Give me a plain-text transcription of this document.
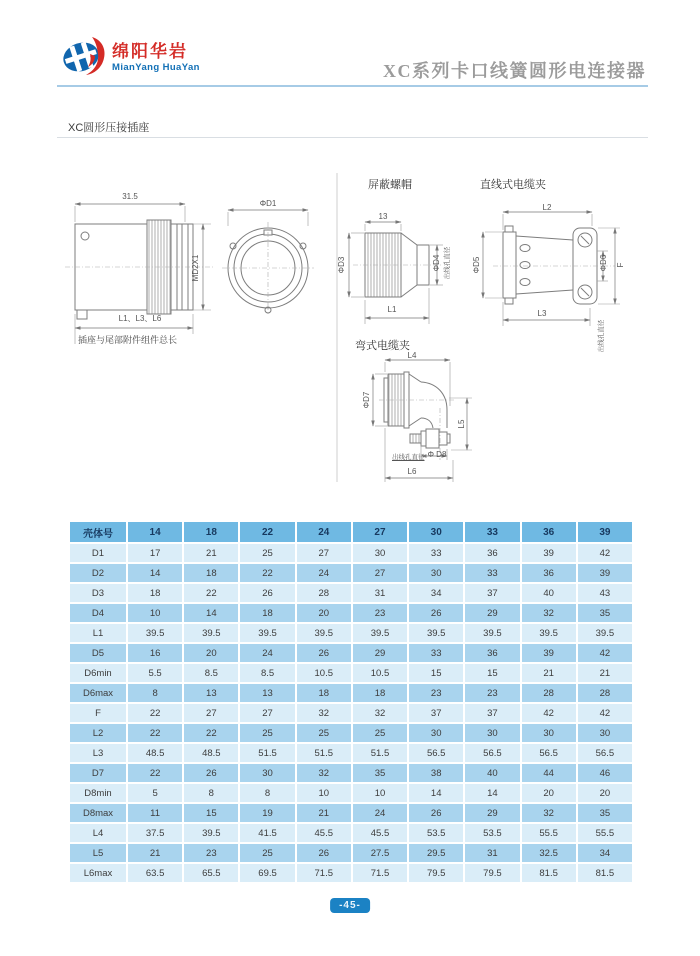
绵阳华岩
MianYang HuaYan	XC系列卡口线簧圆形电连接器
XC圆形压接插座
31.5
MD2X1
L1、L3、L6
插座与尾部附件组件总长
ΦD1
屏蔽螺帽
13
ΦD3	ΦD4 出线孔直径
L1
直线式电缆夹
L2
ΦD5	ΦD6 F
L3
出线孔直径
弯式电缆夹
L4
ΦD7
L5
出线孔直径 Φ D8
L6
壳体号	14	18	22	24	27	30	33	36	39
D1	17	21	25	27	30	33	36	39	42
D2	14	18	22	24	27	30	33	36	39
D3	18	22	26	28	31	34	37	40	43
D4	10	14	18	20	23	26	29	32	35
L1	39.5	39.5	39.5	39.5	39.5	39.5	39.5	39.5	39.5
D5	16	20	24	26	29	33	36	39	42
D6min	5.5	8.5	8.5	10.5	10.5	15	15	21	21
D6max	8	13	13	18	18	23	23	28	28
F	22	27	27	32	32	37	37	42	42
L2	22	22	25	25	25	30	30	30	30
L3	48.5	48.5	51.5	51.5	51.5	56.5	56.5	56.5	56.5
D7	22	26	30	32	35	38	40	44	46
D8min	5	8	8	10	10	14	14	20	20
D8max	11	15	19	21	24	26	29	32	35
L4	37.5	39.5	41.5	45.5	45.5	53.5	53.5	55.5	55.5
L5	21	23	25	26	27.5	29.5	31	32.5	34
L6max	63.5	65.5	69.5	71.5	71.5	79.5	79.5	81.5	81.5
-45-
